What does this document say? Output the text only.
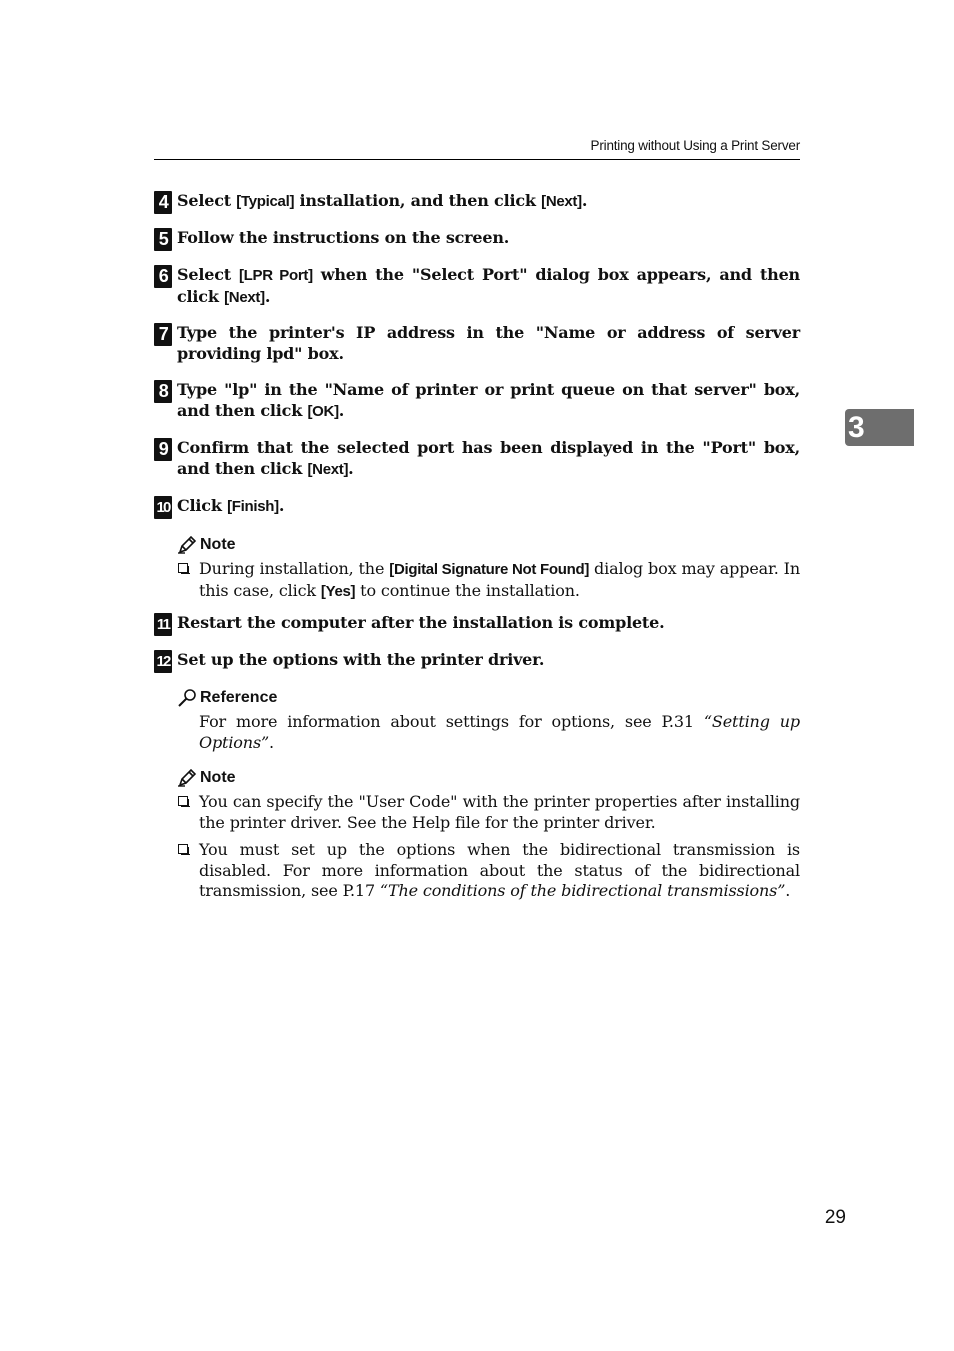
Printing without Using a Print Server
3
4 Select [Typical] installation, and then click [Next].
5 Follow the instructions on the screen.
6 Select [LPR Port] when the "Select Port" dialog box appears, and then click [Next].
7 Type the printer's IP address in the "Name or address of server providing lpd" box.
8 Type "lp" in the "Name of printer or print queue on that server" box, and then click [OK].
9 Confirm that the selected port has been displayed in the "Port" box, and then click [Next].
10 Click [Finish].
Note
During installation, the [Digital Signature Not Found] dialog box may appear. In this case, click [Yes] to continue the installation.
11 Restart the computer after the installation is complete.
12 Set up the options with the printer driver.
Reference
For more information about settings for options, see P.31 “Setting up Options”.
Note
You can specify the "User Code" with the printer properties after installing the printer driver. See the Help file for the printer driver.
You must set up the options when the bidirectional transmission is disabled. For more information about the status of the bidirectional transmission, see P.17 “The conditions of the bidirectional transmissions”.
29
